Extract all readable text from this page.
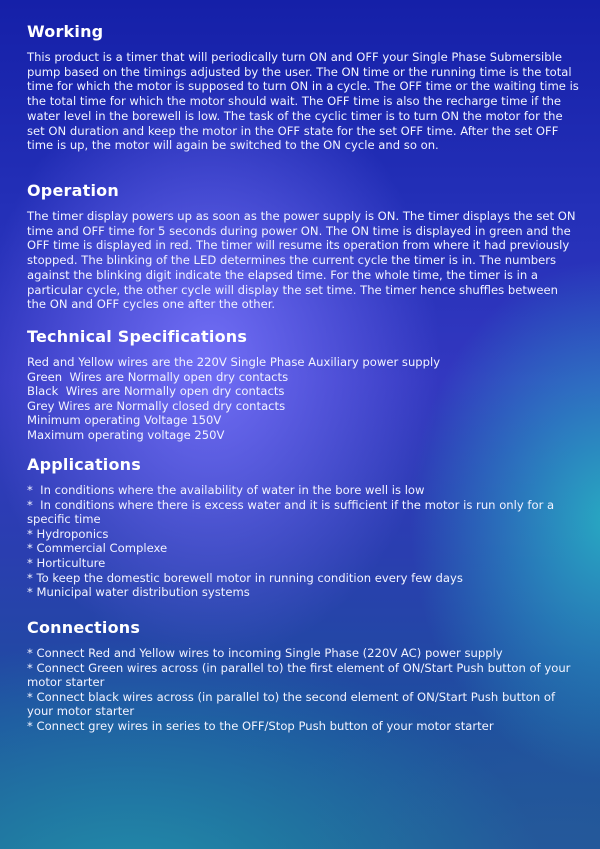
Working

This product is a timer that will periodically turn ON and OFF your Single Phase Submersible pump based on the timings adjusted by the user. The ON time or the running time is the total time for which the motor is supposed to turn ON in a cycle. The OFF time or the waiting time is the total time for which the motor should wait. The OFF time is also the recharge time if the water level in the borewell is low. The task of the cyclic timer is to turn ON the motor for the set ON duration and keep the motor in the OFF state for the set OFF time. After the set OFF time is up, the motor will again be switched to the ON cycle and so on.

Operation

The timer display powers up as soon as the power supply is ON. The timer displays the set ON time and OFF time for 5 seconds during power ON. The ON time is displayed in green and the OFF time is displayed in red. The timer will resume its operation from where it had previously stopped. The blinking of the LED determines the current cycle the timer is in. The numbers against the blinking digit indicate the elapsed time. For the whole time, the timer is in a particular cycle, the other cycle will display the set time. The timer hence shuffles between the ON and OFF cycles one after the other.

Technical Specifications
Red and Yellow wires are the 220V Single Phase Auxiliary power supply
Green  Wires are Normally open dry contacts
Black  Wires are Normally open dry contacts
Grey Wires are Normally closed dry contacts
Minimum operating Voltage 150V
Maximum operating voltage 250V
Applications
*  In conditions where the availability of water in the bore well is low
*  In conditions where there is excess water and it is sufficient if the motor is run only for a specific time
* Hydroponics
* Commercial Complexe
* Horticulture
* To keep the domestic borewell motor in running condition every few days
* Municipal water distribution systems
Connections
* Connect Red and Yellow wires to incoming Single Phase (220V AC) power supply
* Connect Green wires across (in parallel to) the first element of ON/Start Push button of your motor starter
* Connect black wires across (in parallel to) the second element of ON/Start Push button of your motor starter
* Connect grey wires in series to the OFF/Stop Push button of your motor starter
